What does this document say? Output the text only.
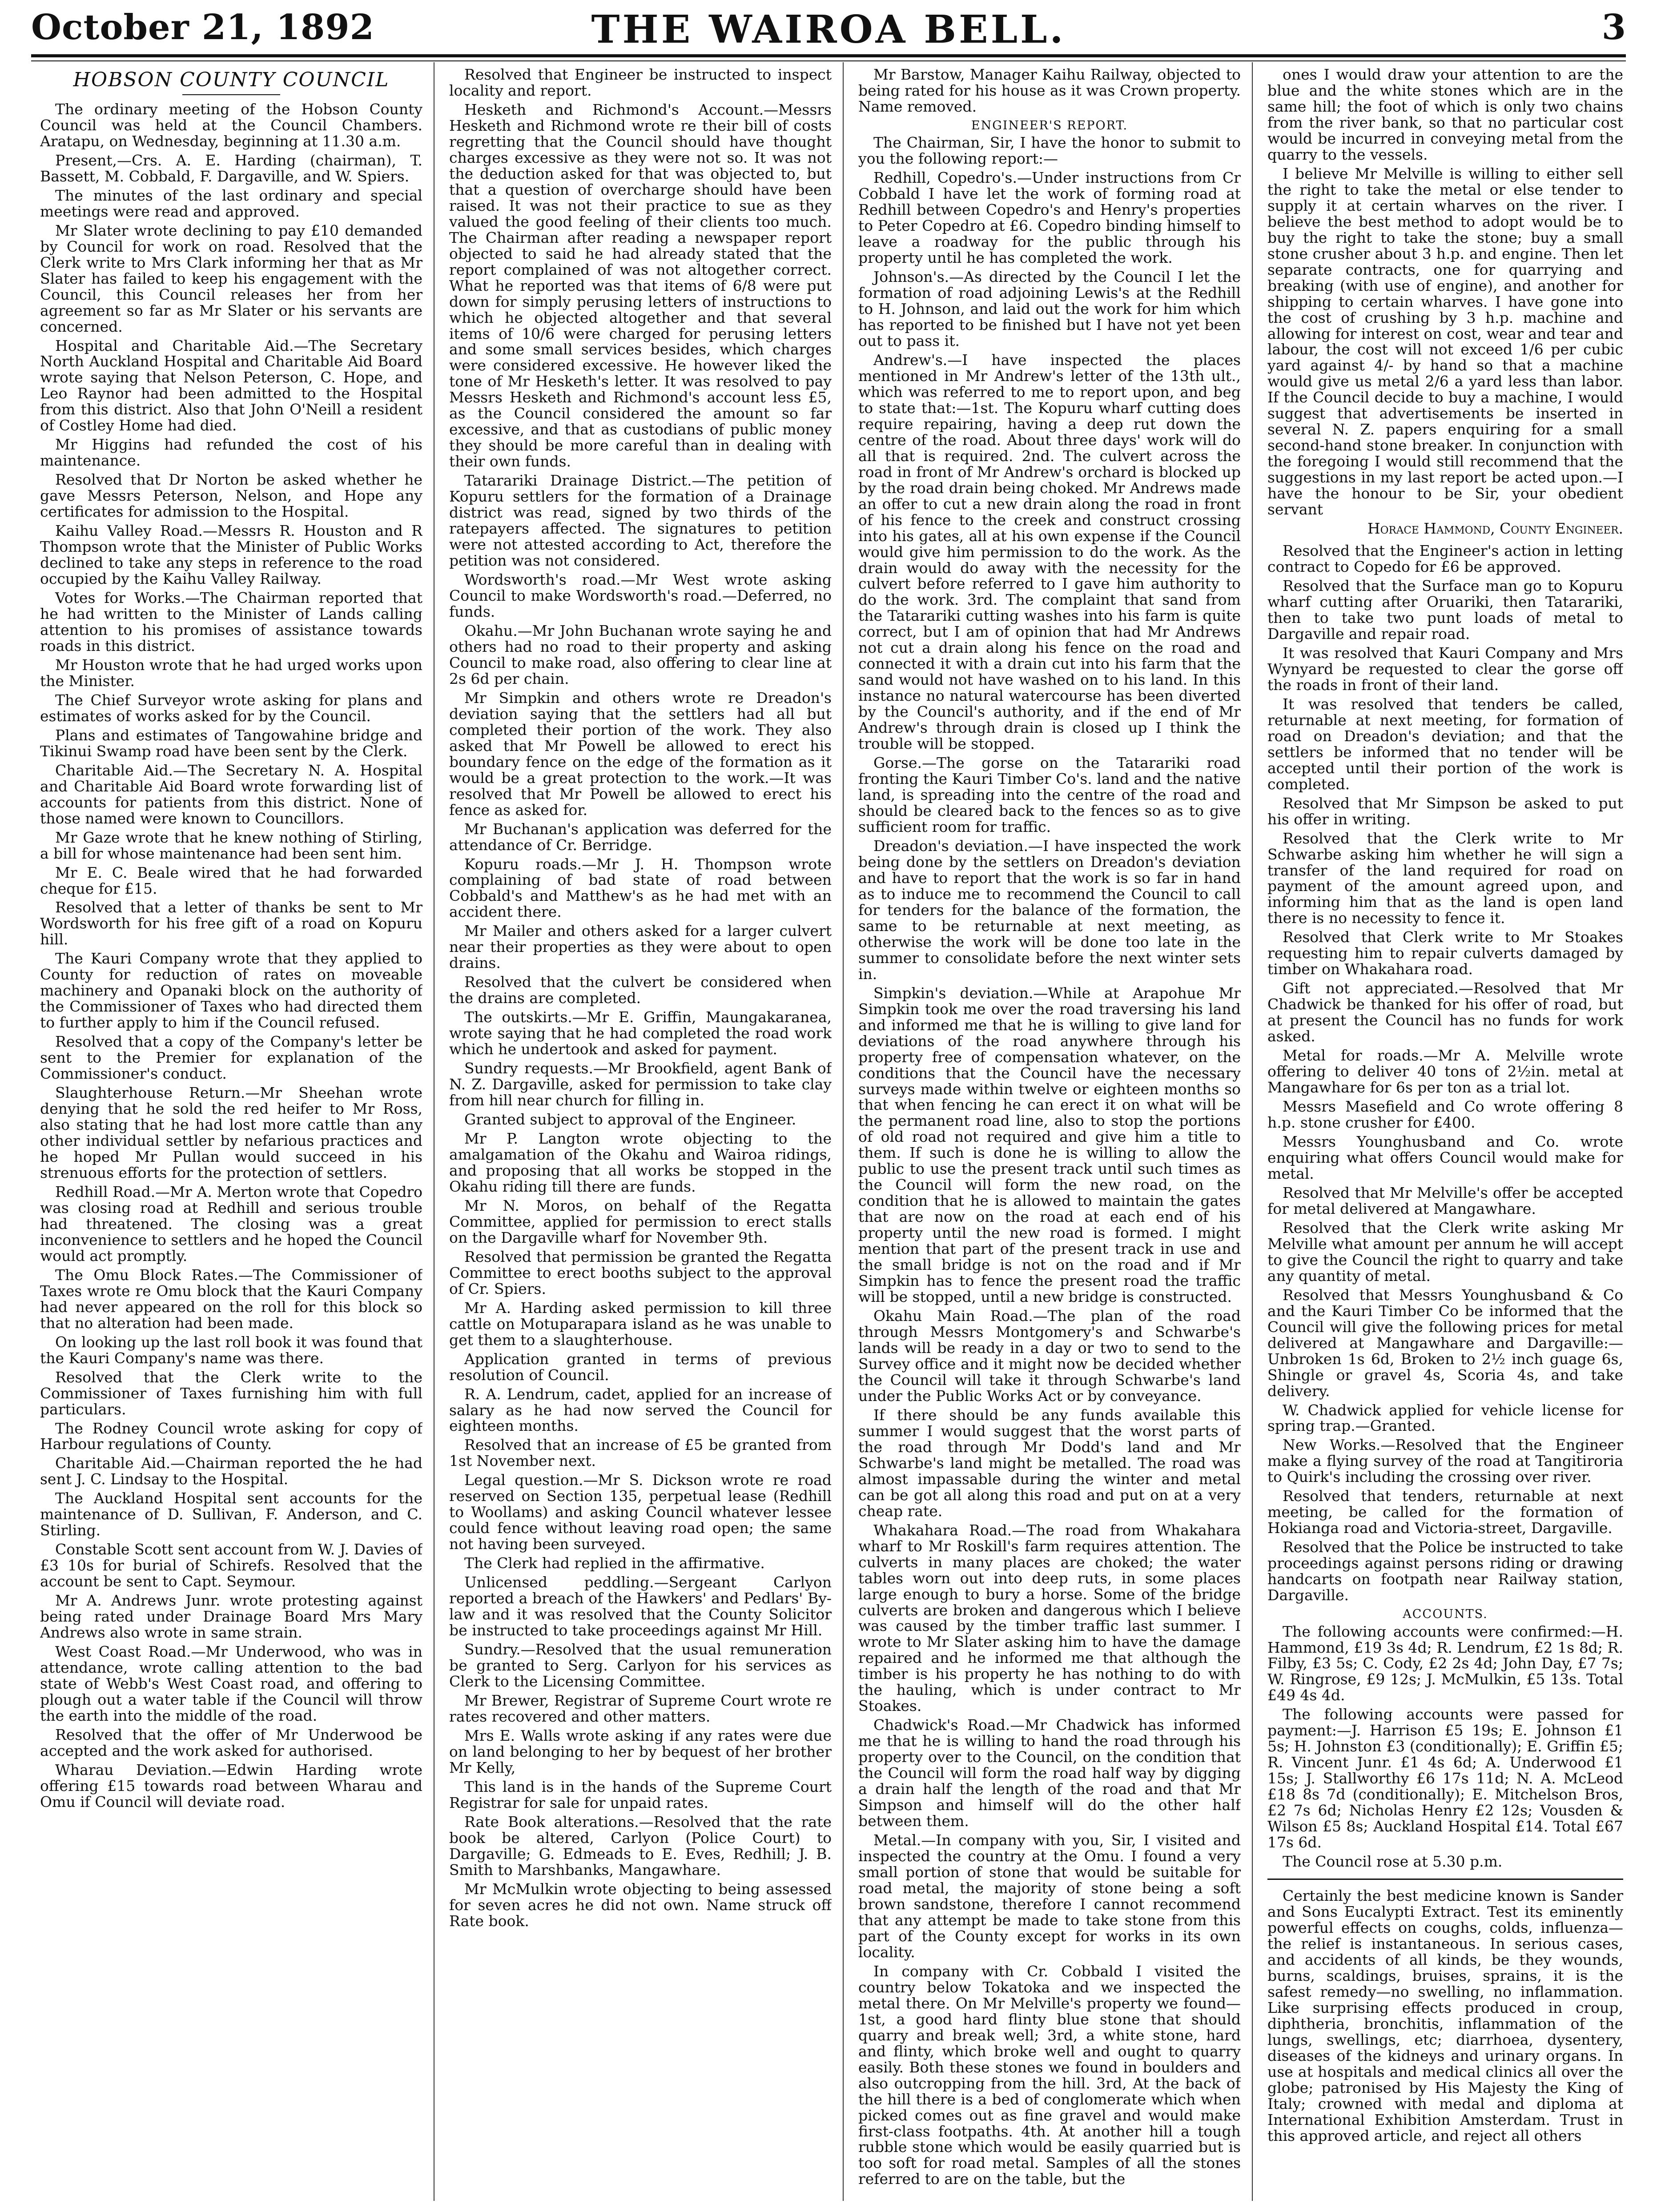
October 21, 1892	THE WAIROA BELL.	3
HOBSON COUNTY COUNCIL

The ordinary meeting of the Hobson County Council was held at the Council Chambers. Aratapu, on Wednesday, beginning at 11.30 a.m.

Present,—Crs. A. E. Harding (chairman), T. Bassett, M. Cobbald, F. Dargaville, and W. Spiers.

The minutes of the last ordinary and special meetings were read and approved.

Mr Slater wrote declining to pay £10 demanded by Council for work on road. Resolved that the Clerk write to Mrs Clark informing her that as Mr Slater has failed to keep his engagement with the Council, this Council releases her from her agreement so far as Mr Slater or his servants are concerned.

Hospital and Charitable Aid.—The Secretary North Auckland Hospital and Charitable Aid Board wrote saying that Nelson Peterson, C. Hope, and Leo Raynor had been admitted to the Hospital from this district. Also that John O'Neill a resident of Costley Home had died.

Mr Higgins had refunded the cost of his maintenance.

Resolved that Dr Norton be asked whether he gave Messrs Peterson, Nelson, and Hope any certificates for admission to the Hospital.

Kaihu Valley Road.—Messrs R. Houston and R Thompson wrote that the Minister of Public Works declined to take any steps in reference to the road occupied by the Kaihu Valley Railway.

Votes for Works.—The Chairman reported that he had written to the Minister of Lands calling attention to his promises of assistance towards roads in this district.

Mr Houston wrote that he had urged works upon the Minister.

The Chief Surveyor wrote asking for plans and estimates of works asked for by the Council.

Plans and estimates of Tangowahine bridge and Tikinui Swamp road have been sent by the Clerk.

Charitable Aid.—The Secretary N. A. Hospital and Charitable Aid Board wrote forwarding list of accounts for patients from this district. None of those named were known to Councillors.

Mr Gaze wrote that he knew nothing of Stirling, a bill for whose maintenance had been sent him.

Mr E. C. Beale wired that he had forwarded cheque for £15.

Resolved that a letter of thanks be sent to Mr Wordsworth for his free gift of a road on Kopuru hill.

The Kauri Company wrote that they applied to County for reduction of rates on moveable machinery and Opanaki block on the authority of the Commissioner of Taxes who had directed them to further apply to him if the Council refused.

Resolved that a copy of the Company's letter be sent to the Premier for explanation of the Commissioner's conduct.

Slaughterhouse Return.—Mr Sheehan wrote denying that he sold the red heifer to Mr Ross, also stating that he had lost more cattle than any other individual settler by nefarious practices and he hoped Mr Pullan would succeed in his strenuous efforts for the protection of settlers.

Redhill Road.—Mr A. Merton wrote that Copedro was closing road at Redhill and serious trouble had threatened. The closing was a great inconvenience to settlers and he hoped the Council would act promptly.

The Omu Block Rates.—The Commissioner of Taxes wrote re Omu block that the Kauri Company had never appeared on the roll for this block so that no alteration had been made.

On looking up the last roll book it was found that the Kauri Company's name was there.

Resolved that the Clerk write to the Commissioner of Taxes furnishing him with full particulars.

The Rodney Council wrote asking for copy of Harbour regulations of County.

Charitable Aid.—Chairman reported the he had sent J. C. Lindsay to the Hospital.

The Auckland Hospital sent accounts for the maintenance of D. Sullivan, F. Anderson, and C. Stirling.

Constable Scott sent account from W. J. Davies of £3 10s for burial of Schirefs. Resolved that the account be sent to Capt. Seymour.

Mr A. Andrews Junr. wrote protesting against being rated under Drainage Board Mrs Mary Andrews also wrote in same strain.

West Coast Road.—Mr Underwood, who was in attendance, wrote calling attention to the bad state of Webb's West Coast road, and offering to plough out a water table if the Council will throw the earth into the middle of the road.

Resolved that the offer of Mr Underwood be accepted and the work asked for authorised.

Wharau Deviation.—Edwin Harding wrote offering £15 towards road between Wharau and Omu if Council will deviate road.

Resolved that Engineer be instructed to inspect locality and report.

Hesketh and Richmond's Account.—Messrs Hesketh and Richmond wrote re their bill of costs regretting that the Council should have thought charges excessive as they were not so. It was not the deduction asked for that was objected to, but that a question of overcharge should have been raised. It was not their practice to sue as they valued the good feeling of their clients too much. The Chairman after reading a newspaper report objected to said he had already stated that the report complained of was not altogether correct. What he reported was that items of 6/8 were put down for simply perusing letters of instructions to which he objected altogether and that several items of 10/6 were charged for perusing letters and some small services besides, which charges were considered excessive. He however liked the tone of Mr Hesketh's letter. It was resolved to pay Messrs Hesketh and Richmond's account less £5, as the Council considered the amount so far excessive, and that as custodians of public money they should be more careful than in dealing with their own funds.

Tatarariki Drainage District.—The petition of Kopuru settlers for the formation of a Drainage district was read, signed by two thirds of the ratepayers affected. The signatures to petition were not attested according to Act, therefore the petition was not considered.

Wordsworth's road.—Mr West wrote asking Council to make Wordsworth's road.—Deferred, no funds.

Okahu.—Mr John Buchanan wrote saying he and others had no road to their property and asking Council to make road, also offering to clear line at 2s 6d per chain.

Mr Simpkin and others wrote re Dreadon's deviation saying that the settlers had all but completed their portion of the work. They also asked that Mr Powell be allowed to erect his boundary fence on the edge of the formation as it would be a great protection to the work.—It was resolved that Mr Powell be allowed to erect his fence as asked for.

Mr Buchanan's application was deferred for the attendance of Cr. Berridge.

Kopuru roads.—Mr J. H. Thompson wrote complaining of bad state of road between Cobbald's and Matthew's as he had met with an accident there.

Mr Mailer and others asked for a larger culvert near their properties as they were about to open drains.

Resolved that the culvert be considered when the drains are completed.

The outskirts.—Mr E. Griffin, Maungakaranea, wrote saying that he had completed the road work which he undertook and asked for payment.

Sundry requests.—Mr Brookfield, agent Bank of N. Z. Dargaville, asked for permission to take clay from hill near church for filling in.

Granted subject to approval of the Engineer.

Mr P. Langton wrote objecting to the amalgamation of the Okahu and Wairoa ridings, and proposing that all works be stopped in the Okahu riding till there are funds.

Mr N. Moros, on behalf of the Regatta Committee, applied for permission to erect stalls on the Dargaville wharf for November 9th.

Resolved that permission be granted the Regatta Committee to erect booths subject to the approval of Cr. Spiers.

Mr A. Harding asked permission to kill three cattle on Motuparapara island as he was unable to get them to a slaughterhouse.

Application granted in terms of previous resolution of Council.

R. A. Lendrum, cadet, applied for an increase of salary as he had now served the Council for eighteen months.

Resolved that an increase of £5 be granted from 1st November next.

Legal question.—Mr S. Dickson wrote re road reserved on Section 135, perpetual lease (Redhill to Woollams) and asking Council whatever lessee could fence without leaving road open; the same not having been surveyed.

The Clerk had replied in the affirmative.

Unlicensed peddling.—Sergeant Carlyon reported a breach of the Hawkers' and Pedlars' By-law and it was resolved that the County Solicitor be instructed to take proceedings against Mr Hill.

Sundry.—Resolved that the usual remuneration be granted to Serg. Carlyon for his services as Clerk to the Licensing Committee.

Mr Brewer, Registrar of Supreme Court wrote re rates recovered and other matters.

Mrs E. Walls wrote asking if any rates were due on land belonging to her by bequest of her brother Mr Kelly,

This land is in the hands of the Supreme Court Registrar for sale for unpaid rates.

Rate Book alterations.—Resolved that the rate book be altered, Carlyon (Police Court) to Dargaville; G. Edmeads to E. Eves, Redhill; J. B. Smith to Marshbanks, Mangawhare.

Mr McMulkin wrote objecting to being assessed for seven acres he did not own. Name struck off Rate book.

Mr Barstow, Manager Kaihu Railway, objected to being rated for his house as it was Crown property. Name removed.

ENGINEER'S REPORT.

The Chairman, Sir, I have the honor to submit to you the following report:—

Redhill, Copedro's.—Under instructions from Cr Cobbald I have let the work of forming road at Redhill between Copedro's and Henry's properties to Peter Copedro at £6. Copedro binding himself to leave a roadway for the public through his property until he has completed the work.

Johnson's.—As directed by the Council I let the formation of road adjoining Lewis's at the Redhill to H. Johnson, and laid out the work for him which has reported to be finished but I have not yet been out to pass it.

Andrew's.—I have inspected the places mentioned in Mr Andrew's letter of the 13th ult., which was referred to me to report upon, and beg to state that:—1st. The Kopuru wharf cutting does require repairing, having a deep rut down the centre of the road. About three days' work will do all that is required. 2nd. The culvert across the road in front of Mr Andrew's orchard is blocked up by the road drain being choked. Mr Andrews made an offer to cut a new drain along the road in front of his fence to the creek and construct crossing into his gates, all at his own expense if the Council would give him permission to do the work. As the drain would do away with the necessity for the culvert before referred to I gave him authority to do the work. 3rd. The complaint that sand from the Tatarariki cutting washes into his farm is quite correct, but I am of opinion that had Mr Andrews not cut a drain along his fence on the road and connected it with a drain cut into his farm that the sand would not have washed on to his land. In this instance no natural watercourse has been diverted by the Council's authority, and if the end of Mr Andrew's through drain is closed up I think the trouble will be stopped.

Gorse.—The gorse on the Tatarariki road fronting the Kauri Timber Co's. land and the native land, is spreading into the centre of the road and should be cleared back to the fences so as to give sufficient room for traffic.

Dreadon's deviation.—I have inspected the work being done by the settlers on Dreadon's deviation and have to report that the work is so far in hand as to induce me to recommend the Council to call for tenders for the balance of the formation, the same to be returnable at next meeting, as otherwise the work will be done too late in the summer to consolidate before the next winter sets in.

Simpkin's deviation.—While at Arapohue Mr Simpkin took me over the road traversing his land and informed me that he is willing to give land for deviations of the road anywhere through his property free of compensation whatever, on the conditions that the Council have the necessary surveys made within twelve or eighteen months so that when fencing he can erect it on what will be the permanent road line, also to stop the portions of old road not required and give him a title to them. If such is done he is willing to allow the public to use the present track until such times as the Council will form the new road, on the condition that he is allowed to maintain the gates that are now on the road at each end of his property until the new road is formed. I might mention that part of the present track in use and the small bridge is not on the road and if Mr Simpkin has to fence the present road the traffic will be stopped, until a new bridge is constructed.

Okahu Main Road.—The plan of the road through Messrs Montgomery's and Schwarbe's lands will be ready in a day or two to send to the Survey office and it might now be decided whether the Council will take it through Schwarbe's land under the Public Works Act or by conveyance.

If there should be any funds available this summer I would suggest that the worst parts of the road through Mr Dodd's land and Mr Schwarbe's land might be metalled. The road was almost impassable during the winter and metal can be got all along this road and put on at a very cheap rate.

Whakahara Road.—The road from Whakahara wharf to Mr Roskill's farm requires attention. The culverts in many places are choked; the water tables worn out into deep ruts, in some places large enough to bury a horse. Some of the bridge culverts are broken and dangerous which I believe was caused by the timber traffic last summer. I wrote to Mr Slater asking him to have the damage repaired and he informed me that although the timber is his property he has nothing to do with the hauling, which is under contract to Mr Stoakes.

Chadwick's Road.—Mr Chadwick has informed me that he is willing to hand the road through his property over to the Council, on the condition that the Council will form the road half way by digging a drain half the length of the road and that Mr Simpson and himself will do the other half between them.

Metal.—In company with you, Sir, I visited and inspected the country at the Omu. I found a very small portion of stone that would be suitable for road metal, the majority of stone being a soft brown sandstone, therefore I cannot recommend that any attempt be made to take stone from this part of the County except for works in its own locality.

In company with Cr. Cobbald I visited the country below Tokatoka and we inspected the metal there. On Mr Melville's property we found—1st, a good hard flinty blue stone that should quarry and break well; 3rd, a white stone, hard and flinty, which broke well and ought to quarry easily. Both these stones we found in boulders and also outcropping from the hill. 3rd, At the back of the hill there is a bed of conglomerate which when picked comes out as fine gravel and would make first-class footpaths. 4th. At another hill a tough rubble stone which would be easily quarried but is too soft for road metal. Samples of all the stones referred to are on the table, but the

ones I would draw your attention to are the blue and the white stones which are in the same hill; the foot of which is only two chains from the river bank, so that no particular cost would be incurred in conveying metal from the quarry to the vessels.

I believe Mr Melville is willing to either sell the right to take the metal or else tender to supply it at certain wharves on the river. I believe the best method to adopt would be to buy the right to take the stone; buy a small stone crusher about 3 h.p. and engine. Then let separate contracts, one for quarrying and breaking (with use of engine), and another for shipping to certain wharves. I have gone into the cost of crushing by 3 h.p. machine and allowing for interest on cost, wear and tear and labour, the cost will not exceed 1/6 per cubic yard against 4/- by hand so that a machine would give us metal 2/6 a yard less than labor. If the Council decide to buy a machine, I would suggest that advertisements be inserted in several N. Z. papers enquiring for a small second-hand stone breaker. In conjunction with the foregoing I would still recommend that the suggestions in my last report be acted upon.—I have the honour to be Sir, your obedient servant

Horace Hammond, County Engineer.

Resolved that the Engineer's action in letting contract to Copedo for £6 be approved.

Resolved that the Surface man go to Kopuru wharf cutting after Oruariki, then Tatarariki, then to take two punt loads of metal to Dargaville and repair road.

It was resolved that Kauri Company and Mrs Wynyard be requested to clear the gorse off the roads in front of their land.

It was resolved that tenders be called, returnable at next meeting, for formation of road on Dreadon's deviation; and that the settlers be informed that no tender will be accepted until their portion of the work is completed.

Resolved that Mr Simpson be asked to put his offer in writing.

Resolved that the Clerk write to Mr Schwarbe asking him whether he will sign a transfer of the land required for road on payment of the amount agreed upon, and informing him that as the land is open land there is no necessity to fence it.

Resolved that Clerk write to Mr Stoakes requesting him to repair culverts damaged by timber on Whakahara road.

Gift not appreciated.—Resolved that Mr Chadwick be thanked for his offer of road, but at present the Council has no funds for work asked.

Metal for roads.—Mr A. Melville wrote offering to deliver 40 tons of 2½in. metal at Mangawhare for 6s per ton as a trial lot.

Messrs Masefield and Co wrote offering 8 h.p. stone crusher for £400.

Messrs Younghusband and Co. wrote enquiring what offers Council would make for metal.

Resolved that Mr Melville's offer be accepted for metal delivered at Mangawhare.

Resolved that the Clerk write asking Mr Melville what amount per annum he will accept to give the Council the right to quarry and take any quantity of metal.

Resolved that Messrs Younghusband & Co and the Kauri Timber Co be informed that the Council will give the following prices for metal delivered at Mangawhare and Dargaville:—Unbroken 1s 6d, Broken to 2½ inch guage 6s, Shingle or gravel 4s, Scoria 4s, and take delivery.

W. Chadwick applied for vehicle license for spring trap.—Granted.

New Works.—Resolved that the Engineer make a flying survey of the road at Tangitiroria to Quirk's including the crossing over river.

Resolved that tenders, returnable at next meeting, be called for the formation of Hokianga road and Victoria-street, Dargaville.

Resolved that the Police be instructed to take proceedings against persons riding or drawing handcarts on footpath near Railway station, Dargaville.

ACCOUNTS.

The following accounts were confirmed:—H. Hammond, £19 3s 4d; R. Lendrum, £2 1s 8d; R. Filby, £3 5s; C. Cody, £2 2s 4d; John Day, £7 7s; W. Ringrose, £9 12s; J. McMulkin, £5 13s. Total £49 4s 4d.

The following accounts were passed for payment:—J. Harrison £5 19s; E. Johnson £1 5s; H. Johnston £3 (conditionally); E. Griffin £5; R. Vincent Junr. £1 4s 6d; A. Underwood £1 15s; J. Stallworthy £6 17s 11d; N. A. McLeod £18 8s 7d (conditionally); E. Mitchelson Bros, £2 7s 6d; Nicholas Henry £2 12s; Vousden & Wilson £5 8s; Auckland Hospital £14. Total £67 17s 6d.

The Council rose at 5.30 p.m.

Certainly the best medicine known is Sander and Sons Eucalypti Extract. Test its eminently powerful effects on coughs, colds, influenza—the relief is instantaneous. In serious cases, and accidents of all kinds, be they wounds, burns, scaldings, bruises, sprains, it is the safest remedy—no swelling, no inflammation. Like surprising effects produced in croup, diphtheria, bronchitis, inflammation of the lungs, swellings, etc; diarrhoea, dysentery, diseases of the kidneys and urinary organs. In use at hospitals and medical clinics all over the globe; patronised by His Majesty the King of Italy; crowned with medal and diploma at International Exhibition Amsterdam. Trust in this approved article, and reject all others
